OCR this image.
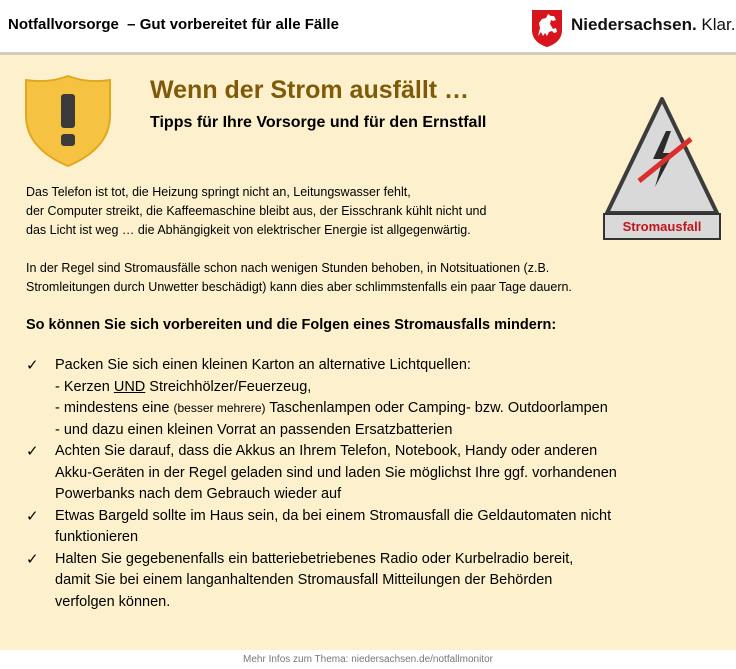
Notfallvorsorge  – Gut vorbereitet für alle Fälle	Niedersachsen. Klar.
Wenn der Strom ausfällt …
Tipps für Ihre Vorsorge und für den Ernstfall
Stromausfall
Das Telefon ist tot, die Heizung springt nicht an, Leitungswasser fehlt,
der Computer streikt, die Kaffeemaschine bleibt aus, der Eisschrank kühlt nicht und
das Licht ist weg … die Abhängigkeit von elektrischer Energie ist allgegenwärtig.
In der Regel sind Stromausfälle schon nach wenigen Stunden behoben, in Notsituationen (z.B.
Stromleitungen durch Unwetter beschädigt) kann dies aber schlimmstenfalls ein paar Tage dauern.
So können Sie sich vorbereiten und die Folgen eines Stromausfalls mindern:
✓ Packen Sie sich einen kleinen Karton an alternative Lichtquellen:
- Kerzen UND Streichhölzer/Feuerzeug,
- mindestens eine (besser mehrere) Taschenlampen oder Camping- bzw. Outdoorlampen
- und dazu einen kleinen Vorrat an passenden Ersatzbatterien
✓ Achten Sie darauf, dass die Akkus an Ihrem Telefon, Notebook, Handy oder anderen
Akku-Geräten in der Regel geladen sind und laden Sie möglichst Ihre ggf. vorhandenen
Powerbanks nach dem Gebrauch wieder auf
✓ Etwas Bargeld sollte im Haus sein, da bei einem Stromausfall die Geldautomaten nicht
funktionieren
✓ Halten Sie gegebenenfalls ein batteriebetriebenes Radio oder Kurbelradio bereit,
damit Sie bei einem langanhaltenden Stromausfall Mitteilungen der Behörden
verfolgen können.
Mehr Infos zum Thema: niedersachsen.de/notfallmonitor
